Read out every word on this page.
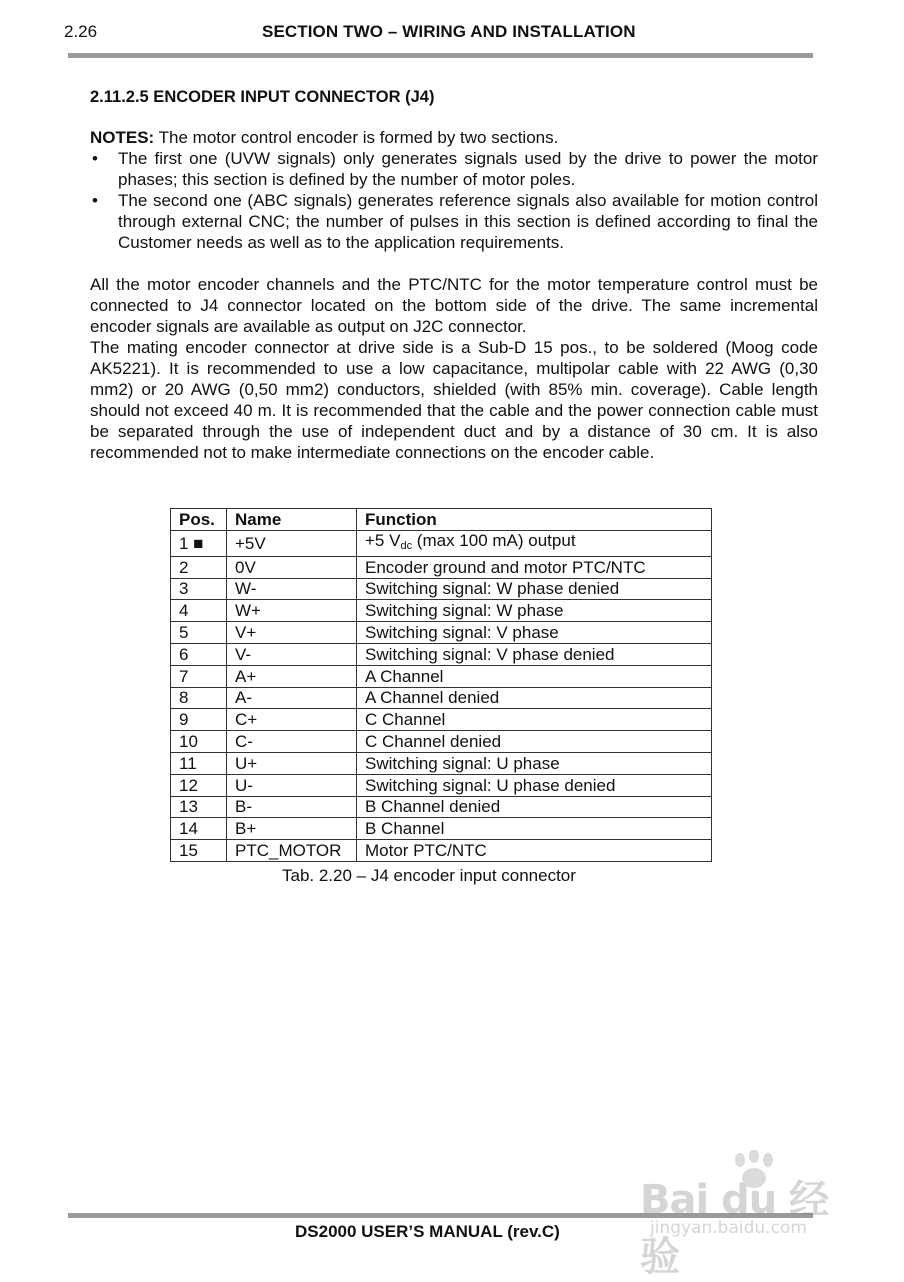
2.26	SECTION TWO – WIRING AND INSTALLATION
2.11.2.5 ENCODER INPUT CONNECTOR (J4)

NOTES: The motor control encoder is formed by two sections.

• The first one (UVW signals) only generates signals used by the drive to power the motor phases; this section is defined by the number of motor poles.
• The second one (ABC signals) generates reference signals also available for motion control through external CNC; the number of pulses in this section is defined according to final the Customer needs as well as to the application requirements.

All the motor encoder channels and the PTC/NTC for the motor temperature control must be connected to J4 connector located on the bottom side of the drive. The same incremental encoder signals are available as output on J2C connector.

The mating encoder connector at drive side is a Sub-D 15 pos., to be soldered (Moog code AK5221). It is recommended to use a low capacitance, multipolar cable with 22 AWG (0,30 mm2) or 20 AWG (0,50 mm2) conductors, shielded (with 85% min. coverage). Cable length should not exceed 40 m. It is recommended that the cable and the power connection cable must be separated through the use of independent duct and by a distance of 30 cm. It is also recommended not to make intermediate connections on the encoder cable.

Pos.	Name	Function
1 ■	+5V	+5 $V_{dc}$ (max 100 mA) output
2	0V	Encoder ground and motor PTC/NTC
3	W-	Switching signal: W phase denied
4	W+	Switching signal: W phase
5	V+	Switching signal: V phase
6	V-	Switching signal: V phase denied
7	A+	A Channel
8	A-	A Channel denied
9	C+	C Channel
10	C-	C Channel denied
11	U+	Switching signal: U phase
12	U-	Switching signal: U phase denied
13	B-	B Channel denied
14	B+	B Channel
15	PTC_MOTOR	Motor PTC/NTC
Tab. 2.20 – J4 encoder input connector
DS2000 USER’S MANUAL (rev.C)
Bai du 经验
jingyan.baidu.com
